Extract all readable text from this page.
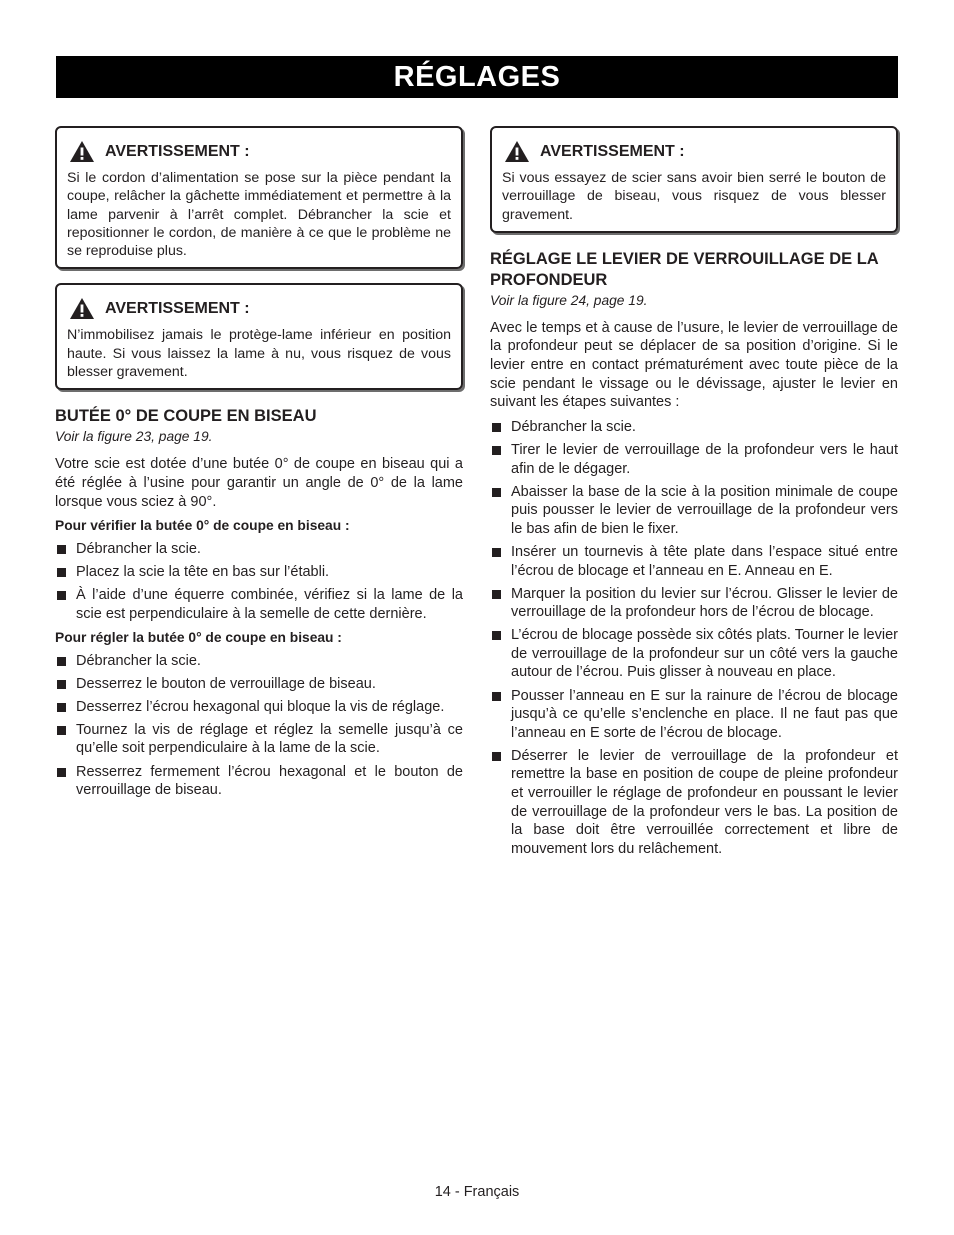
RÉGLAGES
AVERTISSEMENT :
Si le cordon d’alimentation se pose sur la pièce pendant la coupe, relâcher la gâchette immédiatement et permettre à la lame parvenir à l’arrêt complet. Débrancher la scie et repositionner le cordon, de manière à ce que le problème ne se reproduise plus.
AVERTISSEMENT :
N’immobilisez jamais le protège-lame inférieur en position haute. Si vous laissez la lame à nu, vous risquez de vous blesser gravement.
BUTÉE 0° DE COUPE EN BISEAU
Voir la figure 23, page 19.

Votre scie est dotée d’une butée 0° de coupe en biseau qui a été réglée à l’usine pour garantir un angle de 0° de la lame lorsque vous sciez à 90°.

Pour vérifier la butée 0° de coupe en biseau :
Débrancher la scie.
Placez la scie la tête en bas sur l’établi.
À l’aide d’une équerre combinée, vérifiez si la lame de la scie est perpendiculaire à la semelle de cette dernière.
Pour régler la butée 0° de coupe en biseau :
Débrancher la scie.
Desserrez le bouton de verrouillage de biseau.
Desserrez l’écrou hexagonal qui bloque la vis de réglage.
Tournez la vis de réglage et réglez la semelle jusqu’à ce qu’elle soit perpendiculaire à la lame de la scie.
Resserrez fermement l’écrou hexagonal et le bouton de verrouillage de biseau.
AVERTISSEMENT :
Si vous essayez de scier sans avoir bien serré le bouton de verrouillage de biseau, vous risquez de vous blesser gravement.
RÉGLAGE LE LEVIER DE VERROUILLAGE DE LA PROFONDEUR
Voir la figure 24, page 19.

Avec le temps et à cause de l’usure, le levier de verrouillage de la profondeur peut se déplacer de sa position d’origine. Si le levier entre en contact prématurément avec toute pièce de la scie pendant le vissage ou le dévissage, ajuster le levier en suivant les étapes suivantes :

Débrancher la scie.
Tirer le levier de verrouillage de la profondeur vers le haut afin de le dégager.
Abaisser la base de la scie à la position minimale de coupe puis pousser le levier de verrouillage de la profondeur vers le bas afin de bien le fixer.
Insérer un tournevis à tête plate dans l’espace situé entre l’écrou de blocage et l’anneau en E. Anneau en E.
Marquer la position du levier sur l’écrou. Glisser le levier de verrouillage de la profondeur hors de l’écrou de blocage.
L’écrou de blocage possède six côtés plats. Tourner le levier de verrouillage de la profondeur sur un côté vers la gauche autour de l’écrou. Puis glisser à nouveau en place.
Pousser l’anneau en E sur la rainure de l’écrou de blocage jusqu’à ce qu’elle s’enclenche en place. Il ne faut pas que l’anneau en E sorte de l’écrou de blocage.
Déserrer le levier de verrouillage de la profondeur et remettre la base en position de coupe de pleine profondeur et verrouiller le réglage de profondeur en poussant le levier de verrouillage de la profondeur vers le bas. La position de la base doit être verrouillée correctement et libre de mouvement lors du relâchement.
14 - Français
